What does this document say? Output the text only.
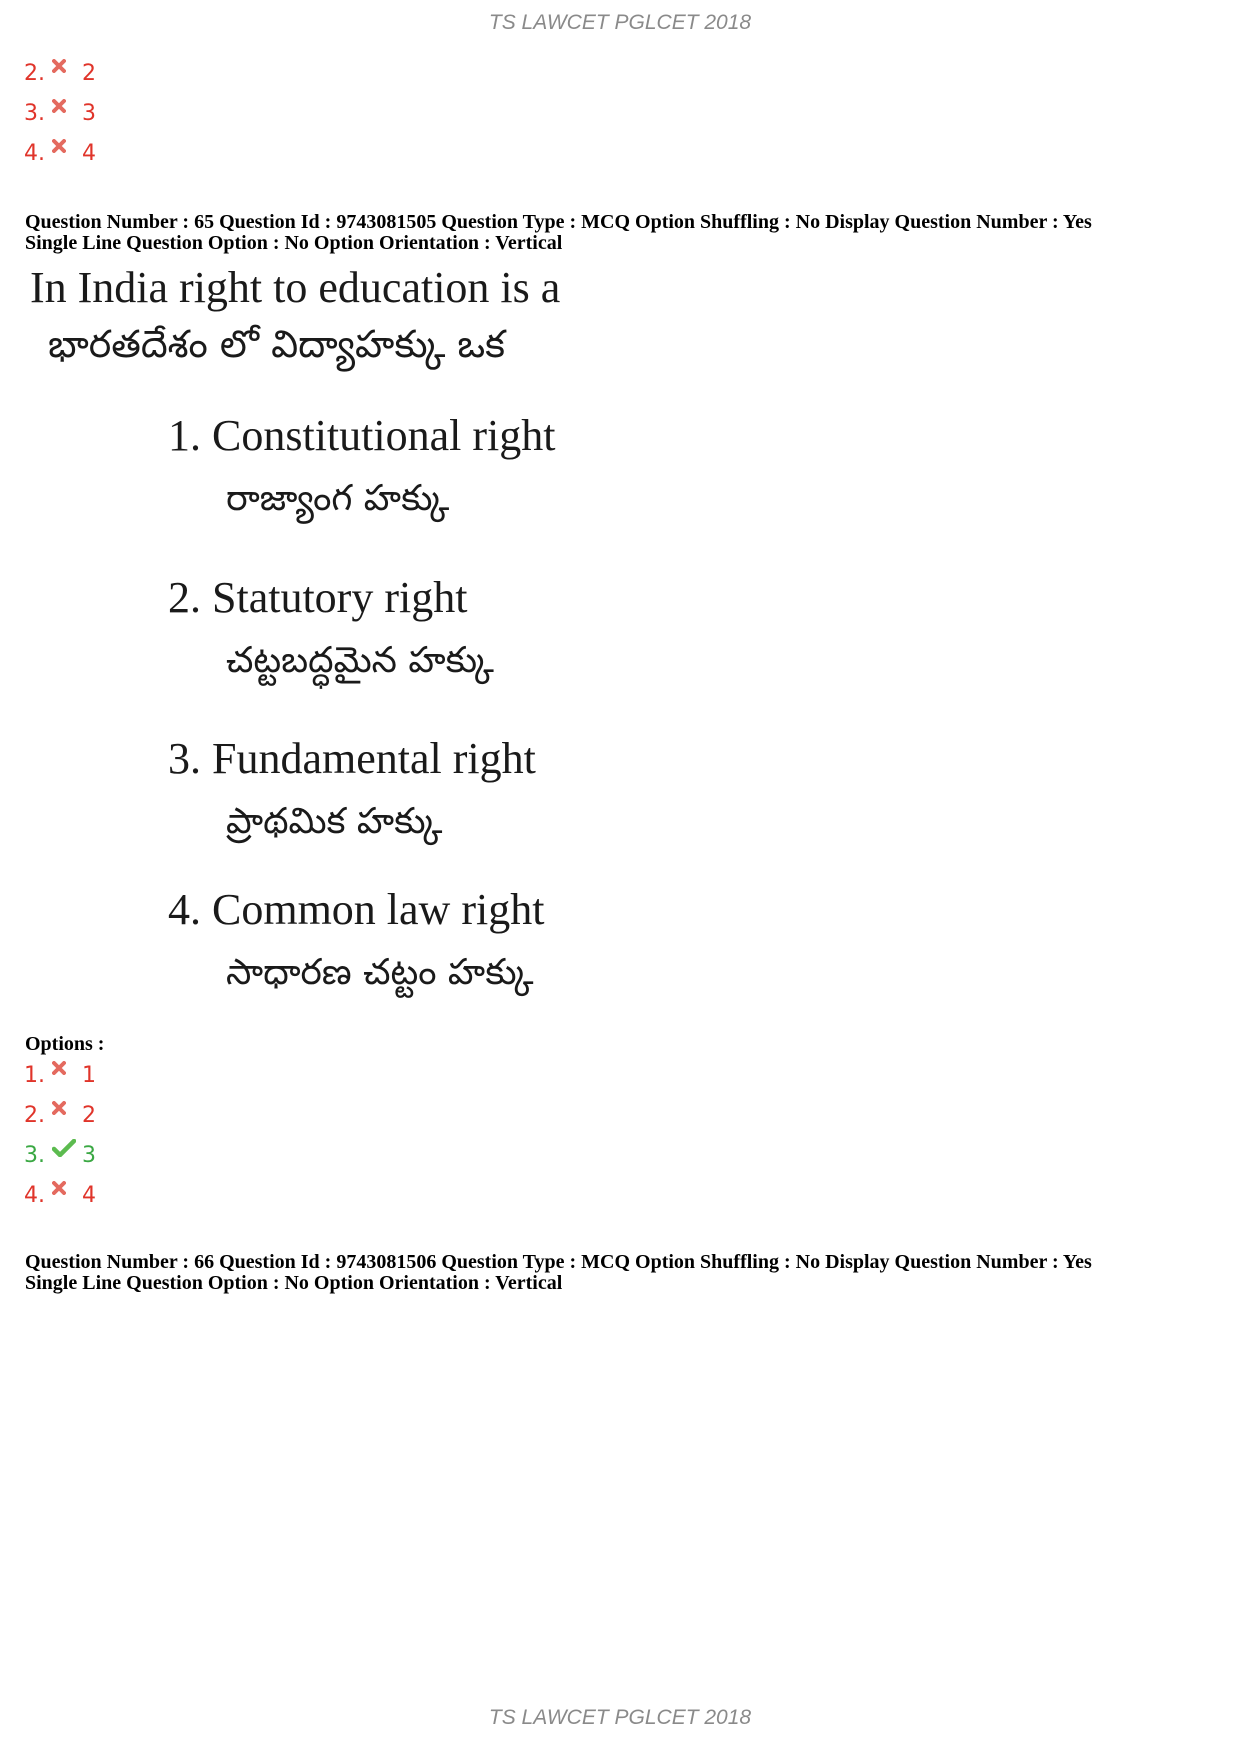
TS LAWCET PGLCET 2018
2.	2
3.	3
4.	4
Question Number : 65 Question Id : 9743081505 Question Type : MCQ Option Shuffling : No Display Question Number : Yes
Single Line Question Option : No Option Orientation : Vertical
In India right to education is a
భారతదేశం లో విద్యాహక్కు ఒక
1. Constitutional right
రాజ్యాంగ హక్కు
2. Statutory right
చట్టబద్ధమైన హక్కు
3. Fundamental right
ప్రాథమిక హక్కు
4. Common law right
సాధారణ చట్టం హక్కు
Options :
1.	1
2.	2
3.	3
4.	4
Question Number : 66 Question Id : 9743081506 Question Type : MCQ Option Shuffling : No Display Question Number : Yes
Single Line Question Option : No Option Orientation : Vertical
TS LAWCET PGLCET 2018
